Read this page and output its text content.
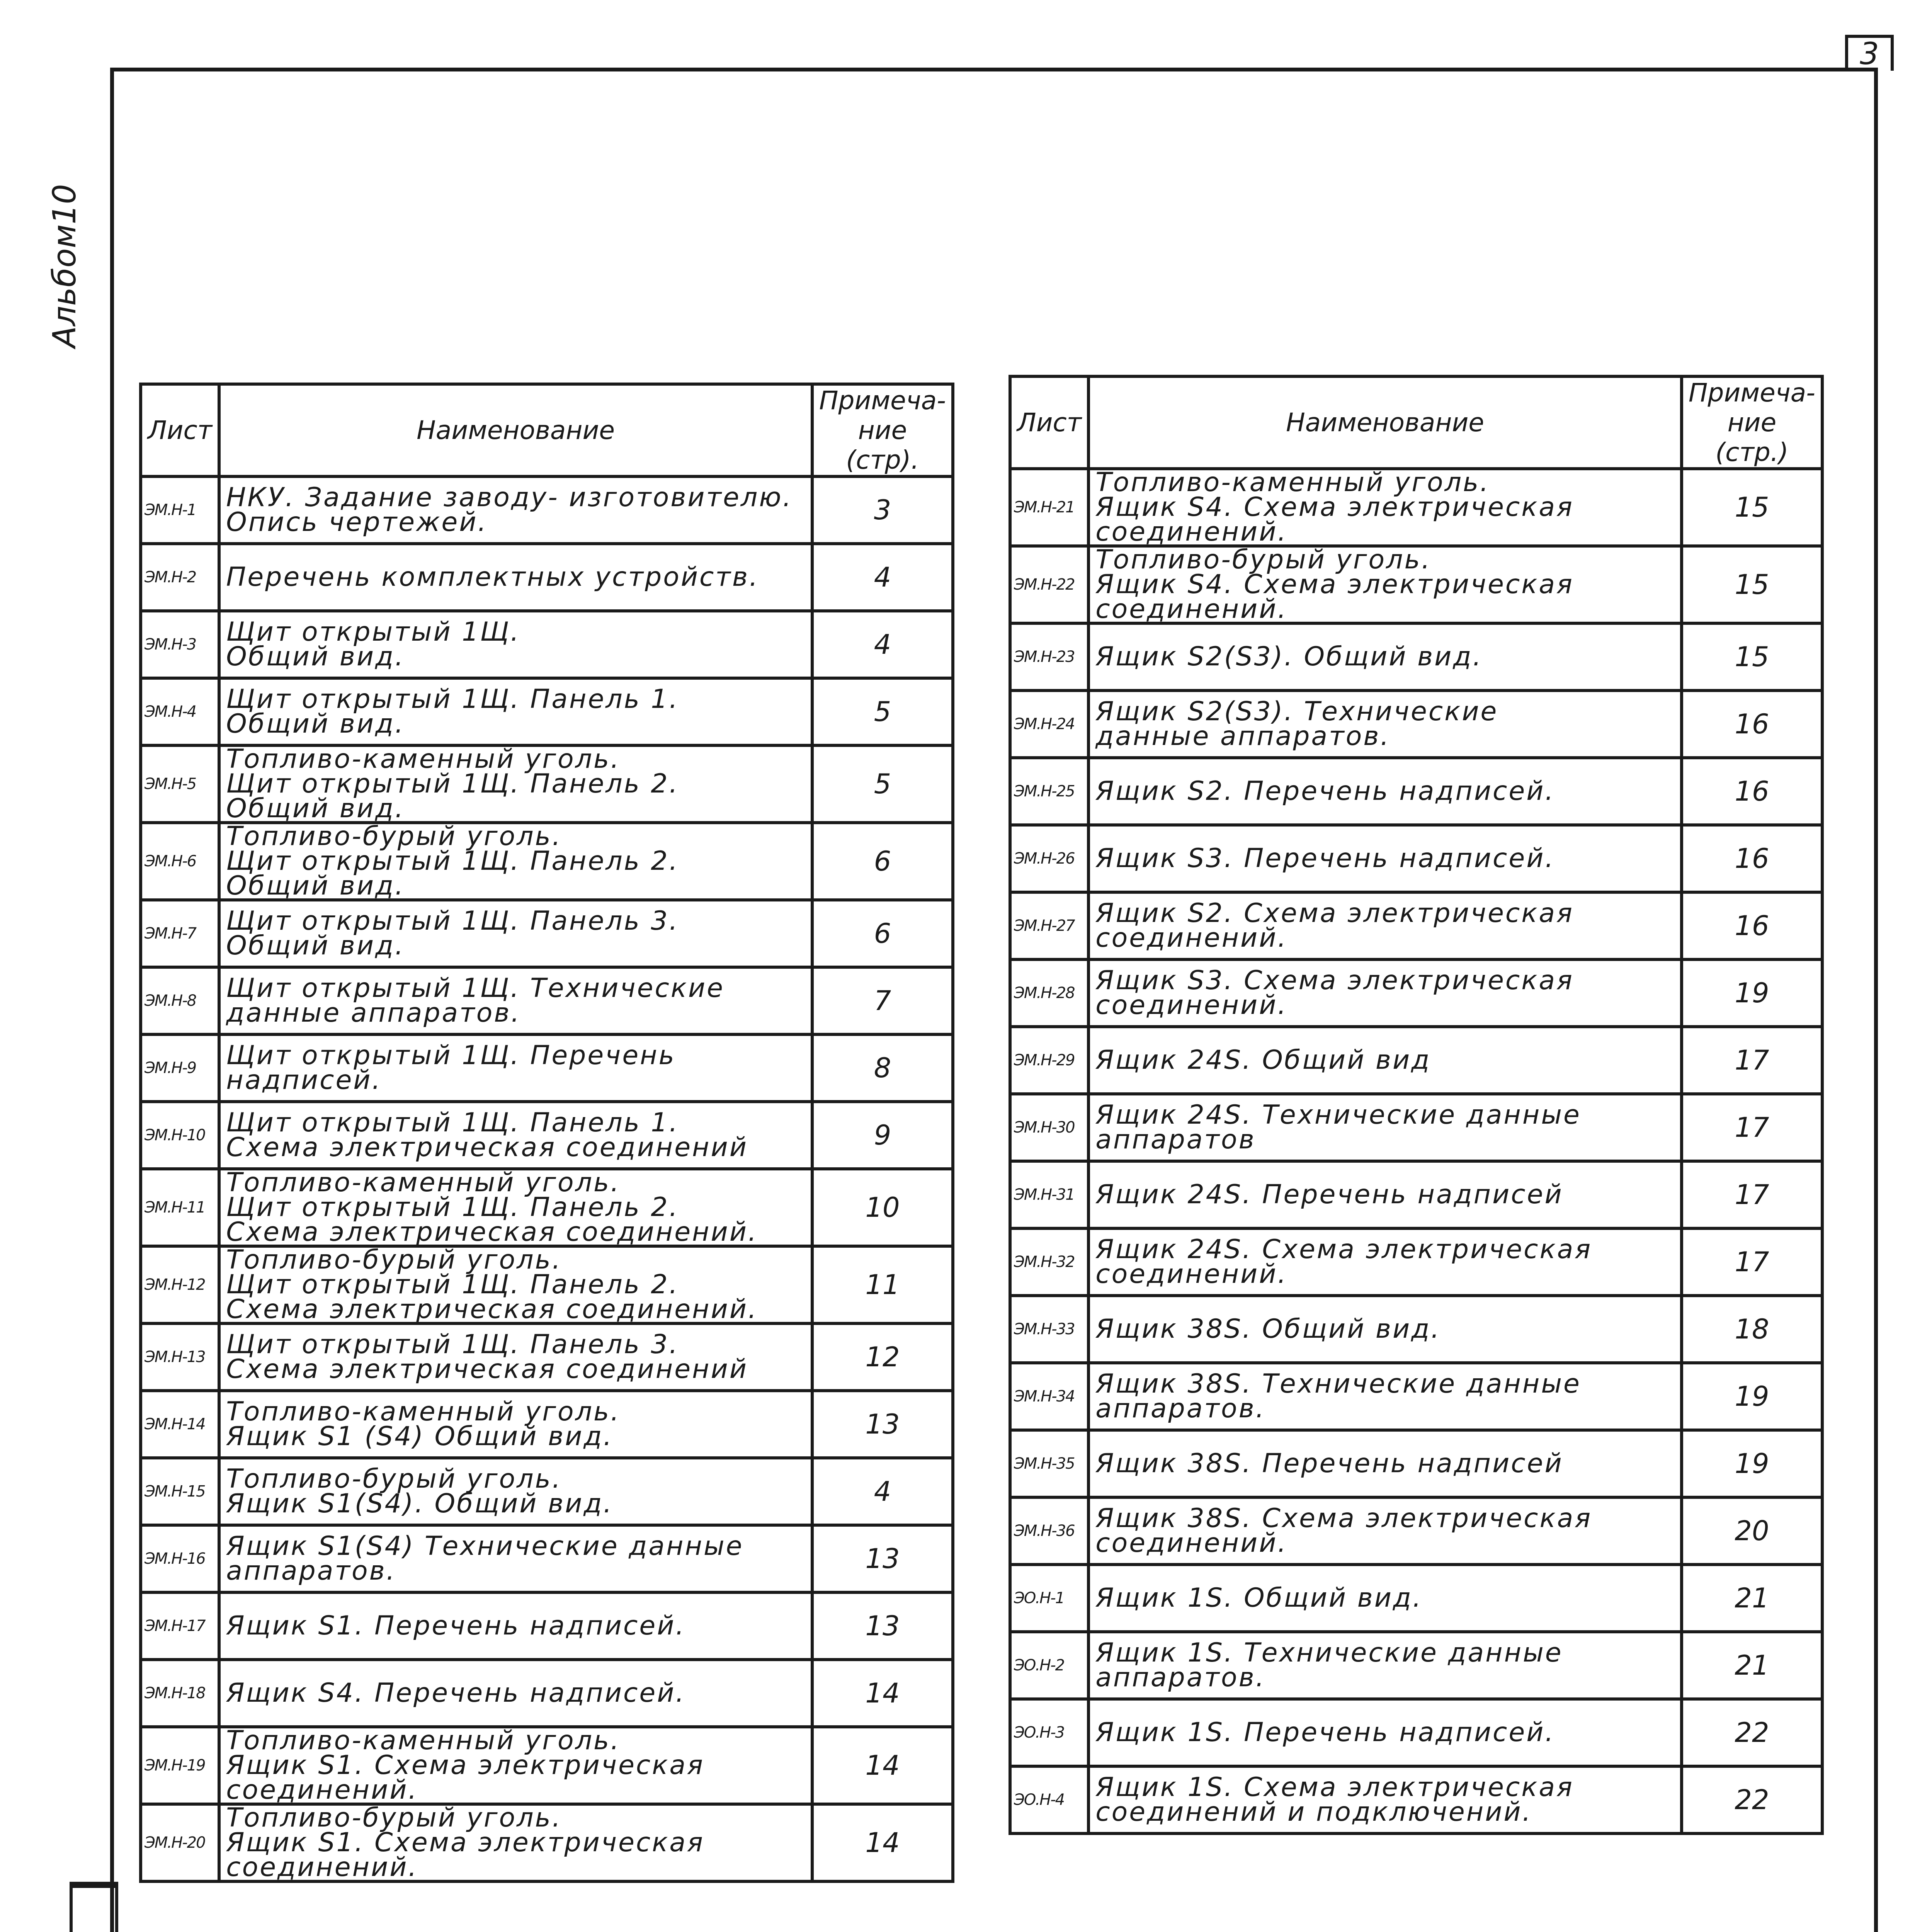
3
Альбом10
Лист	Наименование	Примеча- ние (стр).
ЭМ.Н-1	НКУ. Задание заводу- изготовителю.
Опись чертежей.	3
ЭМ.Н-2	Перечень комплектных устройств.	4
ЭМ.Н-3	Щит открытый 1Щ.
Общий вид.	4
ЭМ.Н-4	Щит открытый 1Щ. Панель 1.
Общий вид.	5
ЭМ.Н-5	Топливо-каменный уголь.
Щит открытый 1Щ. Панель 2.
Общий вид.	5
ЭМ.Н-6	Топливо-бурый уголь.
Щит открытый 1Щ. Панель 2.
Общий вид.	6
ЭМ.Н-7	Щит открытый 1Щ. Панель 3.
Общий вид.	6
ЭМ.Н-8	Щит открытый 1Щ. Технические
данные аппаратов.	7
ЭМ.Н-9	Щит открытый 1Щ. Перечень
надписей.	8
ЭМ.Н-10	Щит открытый 1Щ. Панель 1.
Схема электрическая соединений	9
ЭМ.Н-11	Топливо-каменный уголь.
Щит открытый 1Щ. Панель 2.
Схема электрическая соединений.	10
ЭМ.Н-12	Топливо-бурый уголь.
Щит открытый 1Щ. Панель 2.
Схема электрическая соединений.	11
ЭМ.Н-13	Щит открытый 1Щ. Панель 3.
Схема электрическая соединений	12
ЭМ.Н-14	Топливо-каменный уголь.
Ящик S1 (S4) Общий вид.	13
ЭМ.Н-15	Топливо-бурый уголь.
Ящик S1(S4). Общий вид.	4
ЭМ.Н-16	Ящик S1(S4) Технические данные
аппаратов.	13
ЭМ.Н-17	Ящик S1. Перечень надписей.	13
ЭМ.Н-18	Ящик S4. Перечень надписей.	14
ЭМ.Н-19	Топливо-каменный уголь.
Ящик S1. Схема электрическая
соединений.	14
ЭМ.Н-20	Топливо-бурый уголь.
Ящик S1. Схема электрическая
соединений.	14
Лист	Наименование	Примеча- ние (стр.)
ЭМ.Н-21	Топливо-каменный уголь.
Ящик S4. Схема электрическая
соединений.	15
ЭМ.Н-22	Топливо-бурый уголь.
Ящик S4. Схема электрическая
соединений.	15
ЭМ.Н-23	Ящик S2(S3). Общий вид.	15
ЭМ.Н-24	Ящик S2(S3). Технические
данные аппаратов.	16
ЭМ.Н-25	Ящик S2. Перечень надписей.	16
ЭМ.Н-26	Ящик S3. Перечень надписей.	16
ЭМ.Н-27	Ящик S2. Схема электрическая
соединений.	16
ЭМ.Н-28	Ящик S3. Схема электрическая
соединений.	19
ЭМ.Н-29	Ящик 24S. Общий вид	17
ЭМ.Н-30	Ящик 24S. Технические данные
аппаратов	17
ЭМ.Н-31	Ящик 24S. Перечень надписей	17
ЭМ.Н-32	Ящик 24S. Схема электрическая
соединений.	17
ЭМ.Н-33	Ящик 38S. Общий вид.	18
ЭМ.Н-34	Ящик 38S. Технические данные
аппаратов.	19
ЭМ.Н-35	Ящик 38S. Перечень надписей	19
ЭМ.Н-36	Ящик 38S. Схема электрическая
соединений.	20
ЭО.Н-1	Ящик 1S. Общий вид.	21
ЭО.Н-2	Ящик 1S. Технические данные
аппаратов.	21
ЭО.Н-3	Ящик 1S. Перечень надписей.	22
ЭО.Н-4	Ящик 1S. Схема электрическая
соединений и подключений.	22
